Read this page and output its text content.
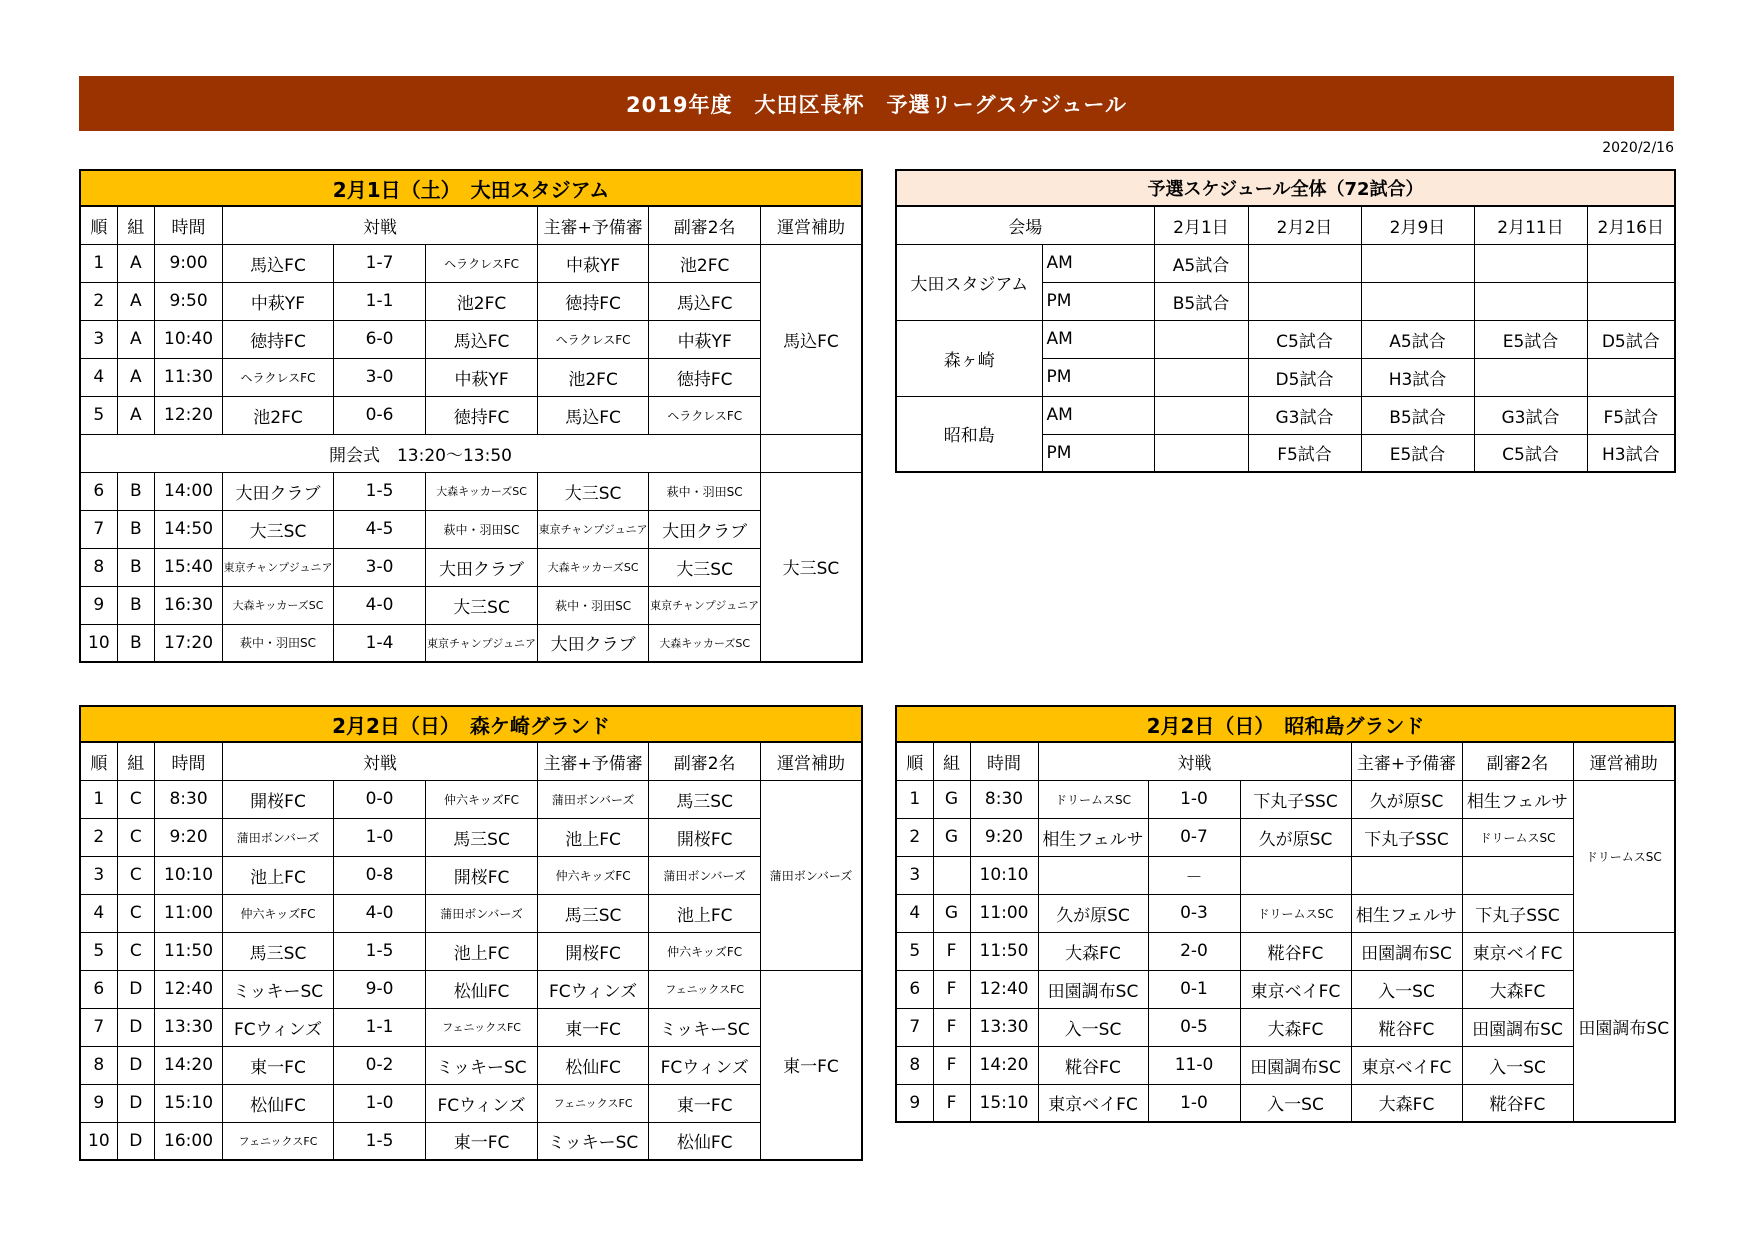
2019年度　大田区長杯　予選リーグスケジュール
2020/2/16
2月1日（土）　大田スタジアム								
順	組	時間	対戦			主審+予備審	副審2名	運営補助
1	A	9:00	馬込FC	1-7	ヘラクレスFC	中萩YF	池2FC	馬込FC
2	A	9:50	中萩YF	1-1	池2FC	徳持FC	馬込FC	
3	A	10:40	徳持FC	6-0	馬込FC	ヘラクレスFC	中萩YF	
4	A	11:30	ヘラクレスFC	3-0	中萩YF	池2FC	徳持FC	
5	A	12:20	池2FC	0-6	徳持FC	馬込FC	ヘラクレスFC	
開会式　13:20～13:50								
6	B	14:00	大田クラブ	1-5	大森キッカーズSC	大三SC	萩中・羽田SC	大三SC
7	B	14:50	大三SC	4-5	萩中・羽田SC	東京チャンプジュニア	大田クラブ	
8	B	15:40	東京チャンプジュニア	3-0	大田クラブ	大森キッカーズSC	大三SC	
9	B	16:30	大森キッカーズSC	4-0	大三SC	萩中・羽田SC	東京チャンプジュニア	
10	B	17:20	萩中・羽田SC	1-4	東京チャンプジュニア	大田クラブ	大森キッカーズSC	
予選スケジュール全体（72試合）						
会場		2月1日	2月2日	2月9日	2月11日	2月16日
大田スタジアム	AM	A5試合				
	PM	B5試合				
森ヶ崎	AM		C5試合	A5試合	E5試合	D5試合
	PM		D5試合	H3試合		
昭和島	AM		G3試合	B5試合	G3試合	F5試合
	PM		F5試合	E5試合	C5試合	H3試合
2月2日（日）　森ケ崎グランド								
順	組	時間	対戦			主審+予備審	副審2名	運営補助
1	C	8:30	開桜FC	0-0	仲六キッズFC	蒲田ボンバーズ	馬三SC	蒲田ボンバーズ
2	C	9:20	蒲田ボンバーズ	1-0	馬三SC	池上FC	開桜FC	
3	C	10:10	池上FC	0-8	開桜FC	仲六キッズFC	蒲田ボンバーズ	
4	C	11:00	仲六キッズFC	4-0	蒲田ボンバーズ	馬三SC	池上FC	
5	C	11:50	馬三SC	1-5	池上FC	開桜FC	仲六キッズFC	
6	D	12:40	ミッキーSC	9-0	松仙FC	FCウィンズ	フェニックスFC	東一FC
7	D	13:30	FCウィンズ	1-1	フェニックスFC	東一FC	ミッキーSC	
8	D	14:20	東一FC	0-2	ミッキーSC	松仙FC	FCウィンズ	
9	D	15:10	松仙FC	1-0	FCウィンズ	フェニックスFC	東一FC	
10	D	16:00	フェニックスFC	1-5	東一FC	ミッキーSC	松仙FC	
2月2日（日）　昭和島グランド								
順	組	時間	対戦			主審+予備審	副審2名	運営補助
1	G	8:30	ドリームスSC	1-0	下丸子SSC	久が原SC	相生フェルサ	ドリームスSC
2	G	9:20	相生フェルサ	0-7	久が原SC	下丸子SSC	ドリームスSC	
3		10:10		－				
4	G	11:00	久が原SC	0-3	ドリームスSC	相生フェルサ	下丸子SSC	
5	F	11:50	大森FC	2-0	糀谷FC	田園調布SC	東京ベイFC	田園調布SC
6	F	12:40	田園調布SC	0-1	東京ベイFC	入一SC	大森FC	
7	F	13:30	入一SC	0-5	大森FC	糀谷FC	田園調布SC	
8	F	14:20	糀谷FC	11-0	田園調布SC	東京ベイFC	入一SC	
9	F	15:10	東京ベイFC	1-0	入一SC	大森FC	糀谷FC	
